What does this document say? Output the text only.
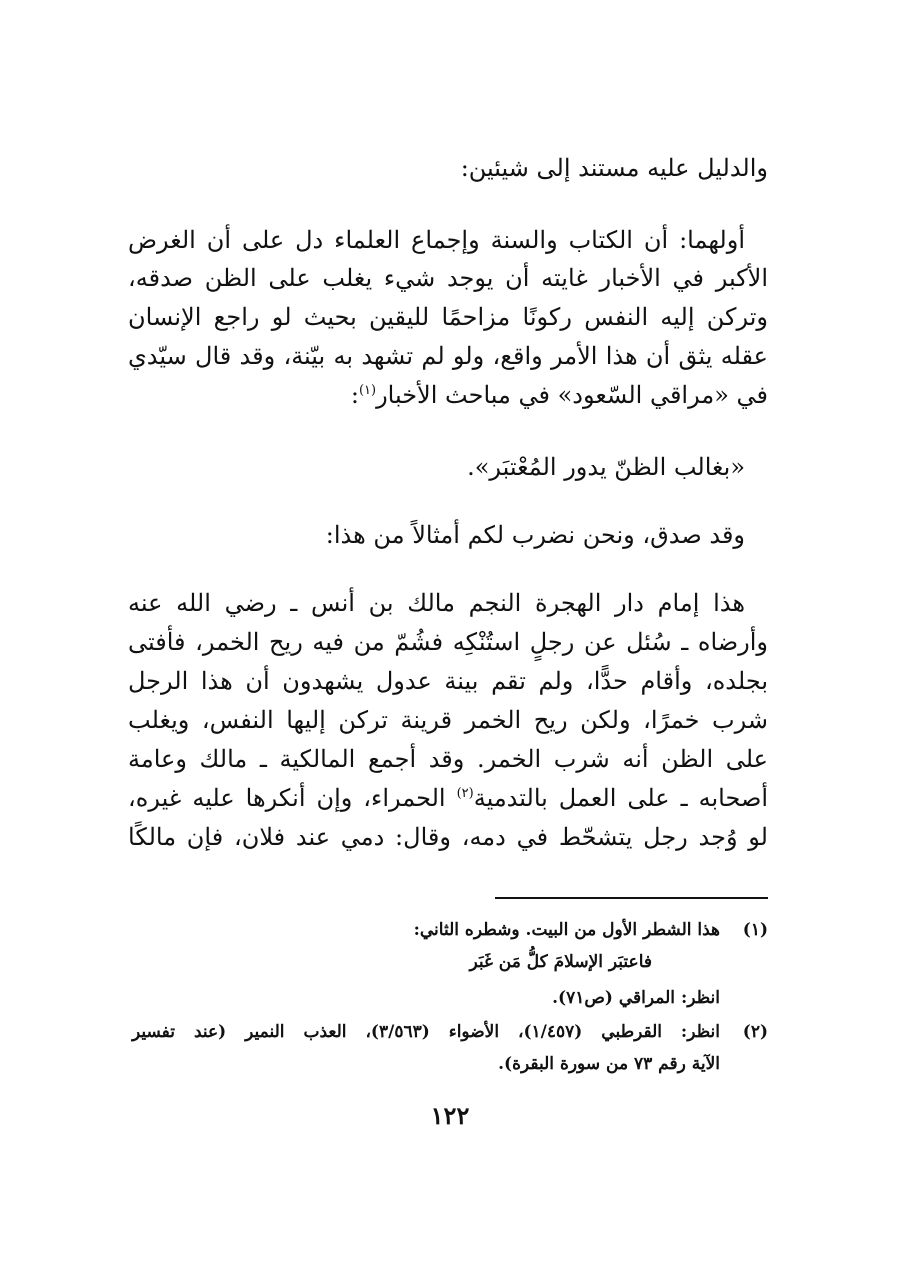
والدليل عليه مستند إلى شيئين:
أولهما: أن الكتاب والسنة وإجماع العلماء دل على أن الغرض
الأكبر في الأخبار غايته أن يوجد شيء يغلب على الظن صدقه،
وتركن إليه النفس ركونًا مزاحمًا لليقين بحيث لو راجع الإنسان
عقله يثق أن هذا الأمر واقع، ولو لم تشهد به بيّنة، وقد قال سيّدي
في «مراقي السّعود» في مباحث الأخبار$^{(١)}$:
«بغالب الظنّ يدور المُعْتبَر».
وقد صدق، ونحن نضرب لكم أمثالاً من هذا:
هذا إمام دار الهجرة النجم مالك بن أنس ـ رضي الله عنه
وأرضاه ـ سُئل عن رجلٍ استُنْكِه فشُمّ من فيه ريح الخمر، فأفتى
بجلده، وأقام حدًّا، ولم تقم بينة عدول يشهدون أن هذا الرجل
شرب خمرًا، ولكن ريح الخمر قرينة تركن إليها النفس، ويغلب
على الظن أنه شرب الخمر. وقد أجمع المالكية ـ مالك وعامة
أصحابه ـ على العمل بالتدمية$^{(٢)}$ الحمراء، وإن أنكرها عليه غيره،
لو وُجد رجل يتشحّط في دمه، وقال: دمي عند فلان، فإن مالكًا
(١)
هذا الشطر الأول من البيت. وشطره الثاني:
فاعتبَر الإسلامَ كلُّ مَن غَبَر
انظر: المراقي (ص٧١).
(٢)
انظر: القرطبي (١/٤٥٧)، الأضواء (٣/٥٦٣)، العذب النمير (عند تفسير
الآية رقم ٧٣ من سورة البقرة).
١٢٢
